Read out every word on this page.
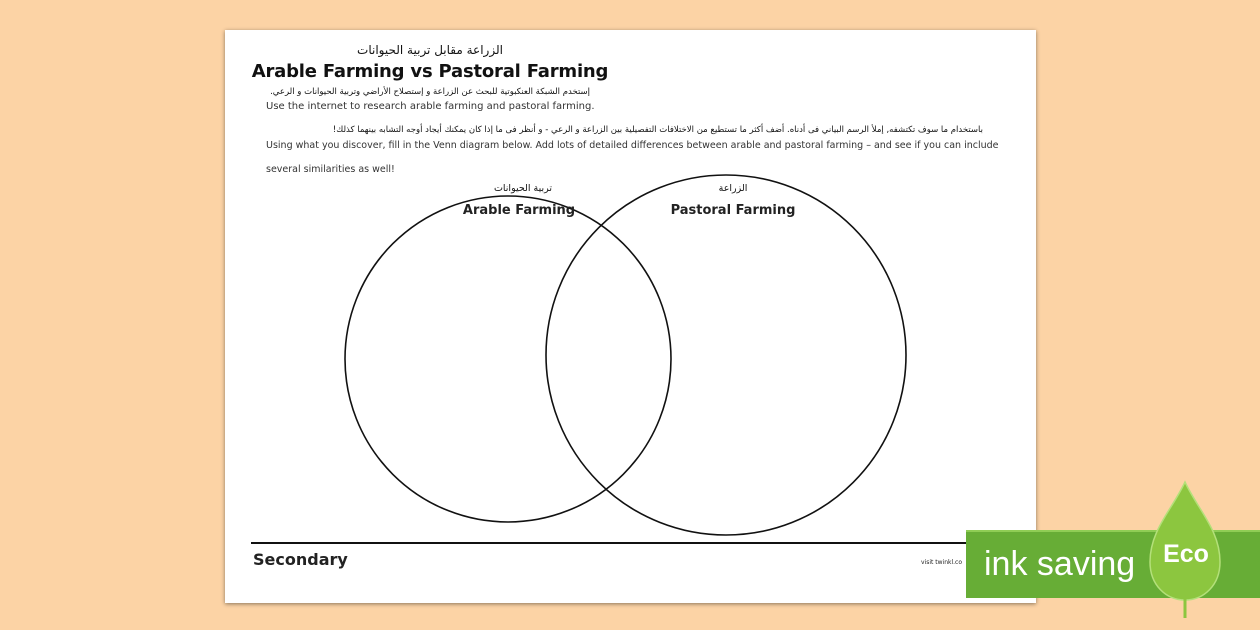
الزراعة مقابل تربية الحيوانات
Arable Farming vs Pastoral Farming
إستخدم الشبكة العنكبوتية للبحث عن الزراعة و إستصلاح الأراضي وتربية الحيوانات و الرعي.
Use the internet to research arable farming and pastoral farming.
باستخدام ما سوف تكتشفه, إملأ الرسم البياني فى أدناه. أضف أكثر ما تستطيع من الاختلافات التفصيلية بين الزراعة و الرعي - و أنظر فى ما إذا كان يمكنك أيجاد أوجه التشابه بينهما كذلك!
Using what you discover, fill in the Venn diagram below. Add lots of detailed differences between arable and pastoral farming – and see if you can include
several similarities as well!
تربية الحيوانات
Arable Farming
الزراعة
Pastoral Farming
Secondary	visit twinkl.co ink saving Eco
